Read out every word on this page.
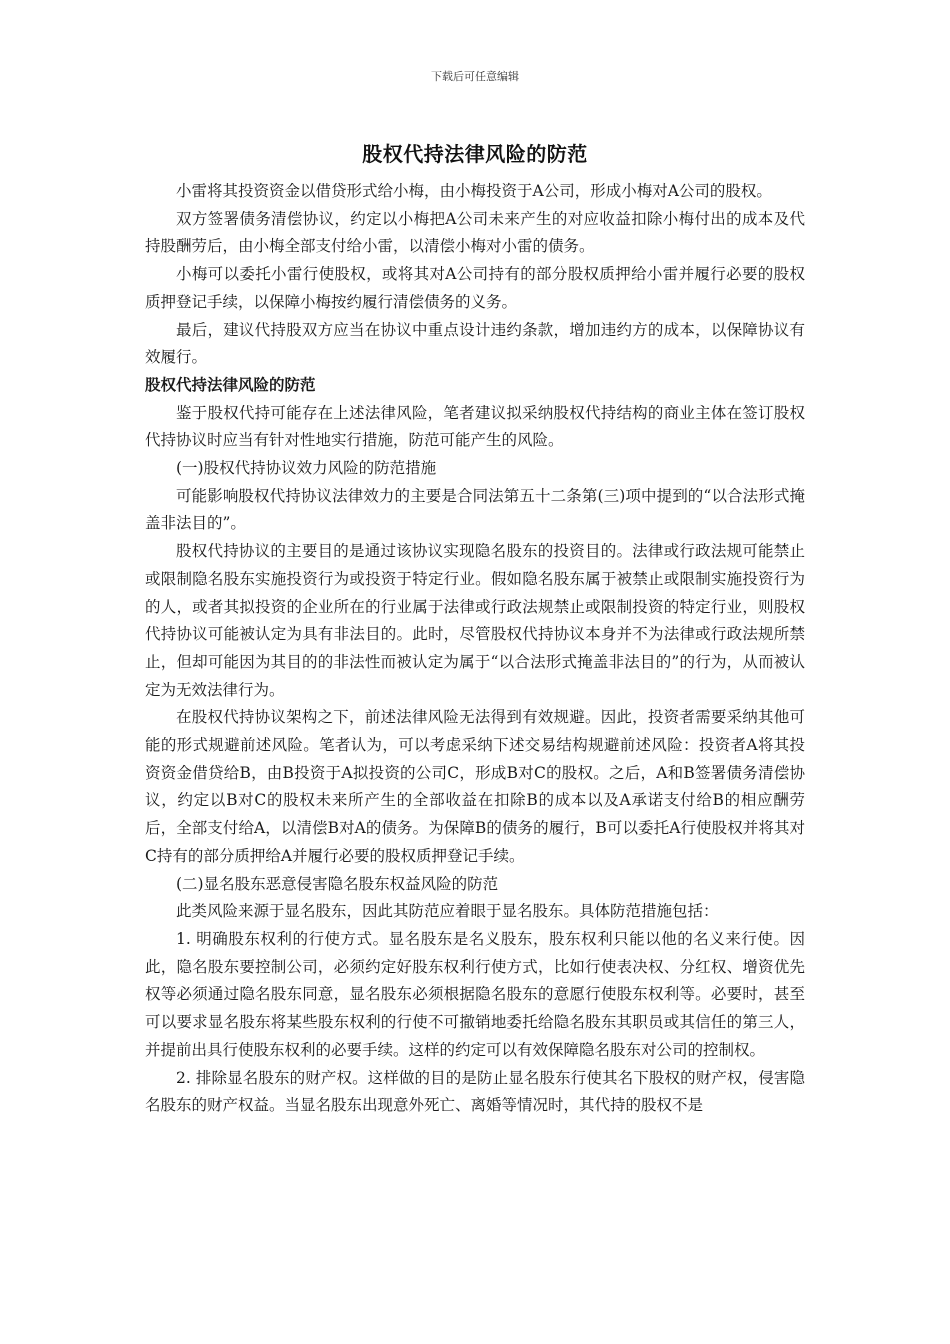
下载后可任意编辑
股权代持法律风险的防范

小雷将其投资资金以借贷形式给小梅，由小梅投资于A公司，形成小梅对A公司的股权。

双方签署债务清偿协议，约定以小梅把A公司未来产生的对应收益扣除小梅付出的成本及代持股酬劳后，由小梅全部支付给小雷，以清偿小梅对小雷的债务。

小梅可以委托小雷行使股权，或将其对A公司持有的部分股权质押给小雷并履行必要的股权质押登记手续，以保障小梅按约履行清偿债务的义务。

最后，建议代持股双方应当在协议中重点设计违约条款，增加违约方的成本，以保障协议有效履行。

股权代持法律风险的防范

鉴于股权代持可能存在上述法律风险，笔者建议拟采纳股权代持结构的商业主体在签订股权代持协议时应当有针对性地实行措施，防范可能产生的风险。

(一)股权代持协议效力风险的防范措施

可能影响股权代持协议法律效力的主要是合同法第五十二条第(三)项中提到的“以合法形式掩盖非法目的”。

股权代持协议的主要目的是通过该协议实现隐名股东的投资目的。法律或行政法规可能禁止或限制隐名股东实施投资行为或投资于特定行业。假如隐名股东属于被禁止或限制实施投资行为的人，或者其拟投资的企业所在的行业属于法律或行政法规禁止或限制投资的特定行业，则股权代持协议可能被认定为具有非法目的。此时，尽管股权代持协议本身并不为法律或行政法规所禁止，但却可能因为其目的的非法性而被认定为属于“以合法形式掩盖非法目的”的行为，从而被认定为无效法律行为。

在股权代持协议架构之下，前述法律风险无法得到有效规避。因此，投资者需要采纳其他可能的形式规避前述风险。笔者认为，可以考虑采纳下述交易结构规避前述风险：投资者A将其投资资金借贷给B，由B投资于A拟投资的公司C，形成B对C的股权。之后，A和B签署债务清偿协议，约定以B对C的股权未来所产生的全部收益在扣除B的成本以及A承诺支付给B的相应酬劳后，全部支付给A，以清偿B对A的债务。为保障B的债务的履行，B可以委托A行使股权并将其对C持有的部分质押给A并履行必要的股权质押登记手续。

(二)显名股东恶意侵害隐名股东权益风险的防范

此类风险来源于显名股东，因此其防范应着眼于显名股东。具体防范措施包括：

1. 明确股东权利的行使方式。显名股东是名义股东，股东权利只能以他的名义来行使。因此，隐名股东要控制公司，必须约定好股东权利行使方式，比如行使表决权、分红权、增资优先权等必须通过隐名股东同意，显名股东必须根据隐名股东的意愿行使股东权利等。必要时，甚至可以要求显名股东将某些股东权利的行使不可撤销地委托给隐名股东其职员或其信任的第三人，并提前出具行使股东权利的必要手续。这样的约定可以有效保障隐名股东对公司的控制权。

2. 排除显名股东的财产权。这样做的目的是防止显名股东行使其名下股权的财产权，侵害隐名股东的财产权益。当显名股东出现意外死亡、离婚等情况时，其代持的股权不是
